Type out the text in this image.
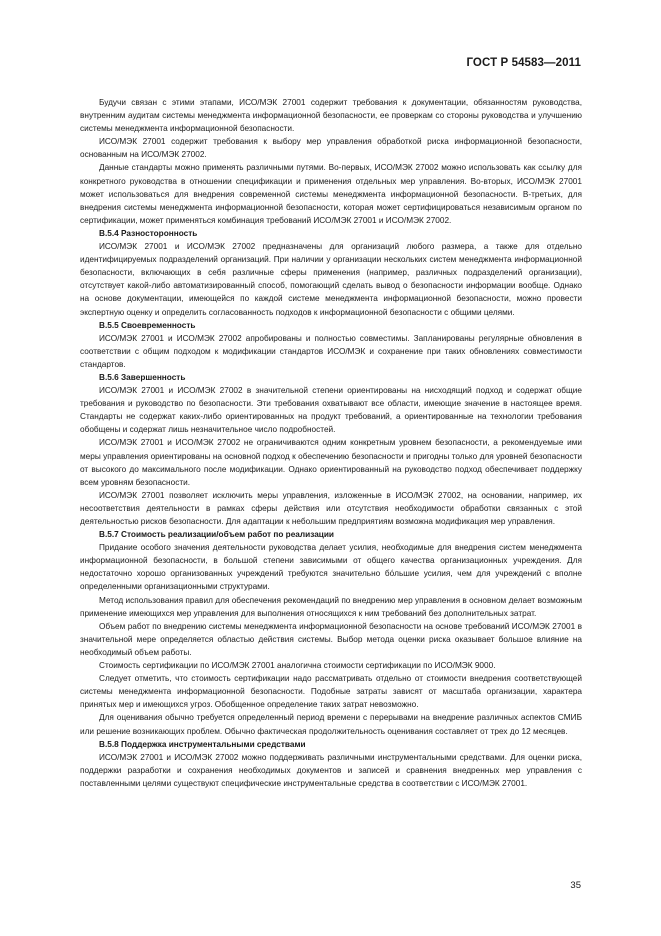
ГОСТ Р 54583—2011

Будучи связан с этими этапами, ИСО/МЭК 27001 содержит требования к документации, обязанностям руководства, внутренним аудитам системы менеджмента информационной безопасности, ее проверкам со стороны руководства и улучшению системы менеджмента информационной безопасности.

ИСО/МЭК 27001 содержит требования к выбору мер управления обработкой риска информационной безопасности, основанным на ИСО/МЭК 27002.

Данные стандарты можно применять различными путями. Во-первых, ИСО/МЭК 27002 можно использовать как ссылку для конкретного руководства в отношении спецификации и применения отдельных мер управления. Во-вторых, ИСО/МЭК 27001 может использоваться для внедрения современной системы менеджмента информационной безопасности. В-третьих, для внедрения системы менеджмента информационной безопасности, которая может сертифицироваться независимым органом по сертификации, может применяться комбинация требований ИСО/МЭК 27001 и ИСО/МЭК 27002.

В.5.4 Разносторонность

ИСО/МЭК 27001 и ИСО/МЭК 27002 предназначены для организаций любого размера, а также для отдельно идентифицируемых подразделений организаций. При наличии у организации нескольких систем менеджмента информационной безопасности, включающих в себя различные сферы применения (например, различных подразделений организации), отсутствует какой-либо автоматизированный способ, помогающий сделать вывод о безопасности информации вообще. Однако на основе документации, имеющейся по каждой системе менеджмента информационной безопасности, можно провести экспертную оценку и определить согласованность подходов к информационной безопасности с общими целями.

В.5.5 Своевременность

ИСО/МЭК 27001 и ИСО/МЭК 27002 апробированы и полностью совместимы. Запланированы регулярные обновления в соответствии с общим подходом к модификации стандартов ИСО/МЭК и сохранение при таких обновлениях совместимости стандартов.

В.5.6 Завершенность

ИСО/МЭК 27001 и ИСО/МЭК 27002 в значительной степени ориентированы на нисходящий подход и содержат общие требования и руководство по безопасности. Эти требования охватывают все области, имеющие значение в настоящее время. Стандарты не содержат каких-либо ориентированных на продукт требований, а ориентированные на технологии требования обобщены и содержат лишь незначительное число подробностей.

ИСО/МЭК 27001 и ИСО/МЭК 27002 не ограничиваются одним конкретным уровнем безопасности, а рекомендуемые ими меры управления ориентированы на основной подход к обеспечению безопасности и пригодны только для уровней безопасности от высокого до максимального после модификации. Однако ориентированный на руководство подход обеспечивает поддержку всем уровням безопасности.

ИСО/МЭК 27001 позволяет исключить меры управления, изложенные в ИСО/МЭК 27002, на основании, например, их несоответствия деятельности в рамках сферы действия или отсутствия необходимости обработки связанных с этой деятельностью рисков безопасности. Для адаптации к небольшим предприятиям возможна модификация мер управления.

В.5.7 Стоимость реализации/объем работ по реализации

Придание особого значения деятельности руководства делает усилия, необходимые для внедрения систем менеджмента информационной безопасности, в большой степени зависимыми от общего качества организационных учреждения. Для недостаточно хорошо организованных учреждений требуются значительно бо́льшие усилия, чем для учреждений с вполне определенными организационными структурами.

Метод использования правил для обеспечения рекомендаций по внедрению мер управления в основном делает возможным применение имеющихся мер управления для выполнения относящихся к ним требований без дополнительных затрат.

Объем работ по внедрению системы менеджмента информационной безопасности на основе требований ИСО/МЭК 27001 в значительной мере определяется областью действия системы. Выбор метода оценки риска оказывает большое влияние на необходимый объем работы.

Стоимость сертификации по ИСО/МЭК 27001 аналогична стоимости сертификации по ИСО/МЭК 9000.

Следует отметить, что стоимость сертификации надо рассматривать отдельно от стоимости внедрения соответствующей системы менеджмента информационной безопасности. Подобные затраты зависят от масштаба организации, характера принятых мер и имеющихся угроз. Обобщенное определение таких затрат невозможно.

Для оценивания обычно требуется определенный период времени с перерывами на внедрение различных аспектов СМИБ или решение возникающих проблем. Обычно фактическая продолжительность оценивания составляет от трех до 12 месяцев.

В.5.8 Поддержка инструментальными средствами

ИСО/МЭК 27001 и ИСО/МЭК 27002 можно поддерживать различными инструментальными средствами. Для оценки риска, поддержки разработки и сохранения необходимых документов и записей и сравнения внедренных мер управления с поставленными целями существуют специфические инструментальные средства в соответствии с ИСО/МЭК 27001.

35
